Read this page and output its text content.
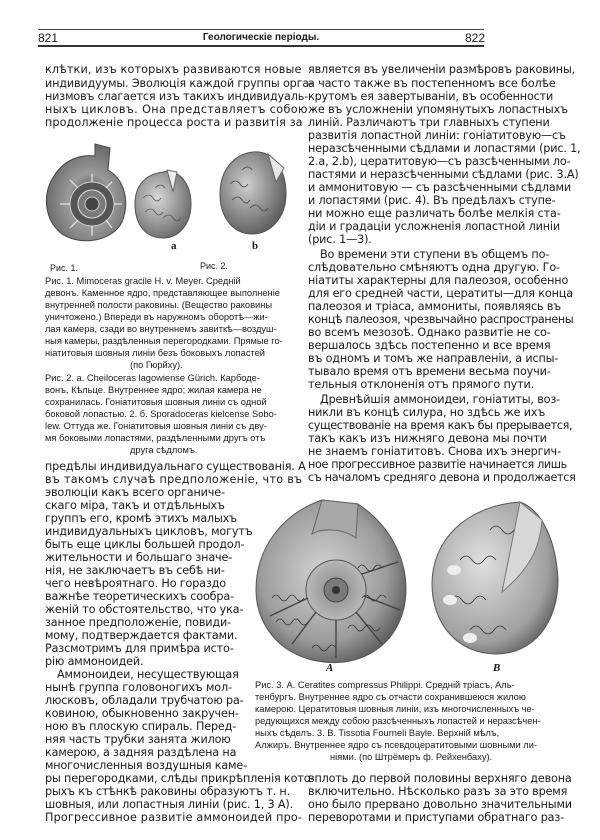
821	Геологическіе періоды.	822
клѣтки, изъ которыхъ развиваются новые
индивидуумы. Эволюція каждой группы орга-
низмовъ слагается изъ такихъ индивидуаль-
ныхъ цикловъ. Она представляетъ собою
продолженіе процесса роста и развитія за
a	b
Рис. 1.	Рис. 2.
Рис. 1. Mimoceras gracile H. v. Meyer. Средній
девонъ. Каменное ядро, представляющее выполненіе
внутренней полости раковины. (Вещество раковины
уничтожено.) Впереди въ наружномъ оборотѣ—жи-
лая камера, сзади во внутреннемъ завиткѣ—воздуш-
ныя камеры, раздѣленныя перегородками. Прямые го-
ніатитовыя шовныя линіи безъ боковыхъ лопастей
(по Гюрйху).
Рис. 2. a. Cheiloceras lagowiense Gürich. Карбоде-
вонъ, Кѣльце. Внутреннее ядро; жилая камера не
сохранилась. Гоніатитовыя шовныя линіи съ одной
боковой лопастью. 2. б. Sporadoceras kielcense Sobo-
lew. Оттуда же. Гоніатитовыя шовныя линіи съ дву-
мя боковыми лопастями, раздѣленными другъ отъ
друга сѣдломъ.
предѣлы индивидуальнаго существованія. А
въ такомъ случаѣ предположеніе, что въ
эволюціи какъ всего органиче-
скаго міра, такъ и отдѣльныхъ
группъ его, кромѣ этихъ малыхъ
индивидуальныхъ цикловъ, могутъ
быть еще циклы большей продол-
жительности и большаго значе-
нія, не заключаетъ въ себѣ ни-
чего невѣроятнаго. Но гораздо
важнѣе теоретическихъ сообра-
женій то обстоятельство, что ука-
занное предположеніе, повиди-
мому, подтверждается фактами.
Разсмотримъ для примѣра исто-
рію аммоноидей.
Аммоноидеи, несуществующая
нынѣ группа головоногихъ мол-
люсковъ, обладали трубчатою ра-
ковиною, обыкновенно закручен-
ною въ плоскую спираль. Перед-
няя часть трубки занята жилою
камерою, а задняя раздѣлена на
многочисленныя воздушныя каме-
ры перегородками, слѣды прикрѣпленія кото-
рыхъ къ стѣнкѣ раковины образуютъ т. н.
шовныя, или лопастныя линіи (рис. 1, 3 А).
Прогрессивное развитіе аммоноидей про-
является въ увеличеніи размѣровъ раковины,
а часто также въ постепенномъ все болѣе
крутомъ ея завертываніи, въ особенности
же въ усложненіи упомянутыхъ лопастныхъ
линій. Различаютъ три главныхъ ступени
развитія лопастной линіи: гоніатитовую—съ
неразсѣченными сѣдлами и лопастями (рис. 1,
2.а, 2.b), цератитовую—съ разсѣченными ло-
пастями и неразсѣченными сѣдлами (рис. 3.А)
и аммонитовую — съ разсѣченными сѣдлами
и лопастями (рис. 4). Въ предѣлахъ ступе-
ни можно еще различать болѣе мелкія ста-
діи и градаціи усложненія лопастной линіи
(рис. 1—3).
Во времени эти ступени въ общемъ по-
слѣдовательно смѣняютъ одна другую. Го-
ніатиты характерны для палеозоя, особенно
для его средней части, цератиты—для конца
палеозоя и тріаса, аммониты, появляясь въ
концѣ палеозоя, чрезвычайно распространены
во всемъ мезозоѣ. Однако развитіе не со-
вершалось здѣсь постепенно и все время
въ одномъ и томъ же направленіи, а испы-
тывало время отъ времени весьма поучи-
тельныя отклоненія отъ прямого пути.
Древнѣйшія аммоноидеи, гоніатиты, воз-
никли въ концѣ силура, но здѣсь же ихъ
существованіе на время какъ бы прерывается,
такъ какъ изъ нижняго девона мы почти
не знаемъ гоніатитовъ. Снова ихъ энергич-
ное прогрессивное развитіе начинается лишь
съ началомъ средняго девона и продолжается
A	B
Рис. 3. A. Ceratites compressus Philippi. Средній тріасъ, Аль-
тенбургъ. Внутреннее ядро съ отчасти сохранившеюся жилою
камерою. Цератитовыя шовныя линіи, изъ многочисленныхъ че-
редующихся между собою разсѣченныхъ лопастей и неразсѣчен-
ныхъ сѣделъ. 3. B. Tissotia Fourneli Bayle. Верхній мѣлъ,
Алжиръ. Внутреннее ядро съ псевдоцератитовыми шовными ли-
ніями. (по Штрёмеръ ф. Рейхенбаху).
вплоть до первой половины верхняго девона
включительно. Нѣсколько разъ за это время
оно было прервано довольно значительными
переворотами и приступами обратнаго раз-
